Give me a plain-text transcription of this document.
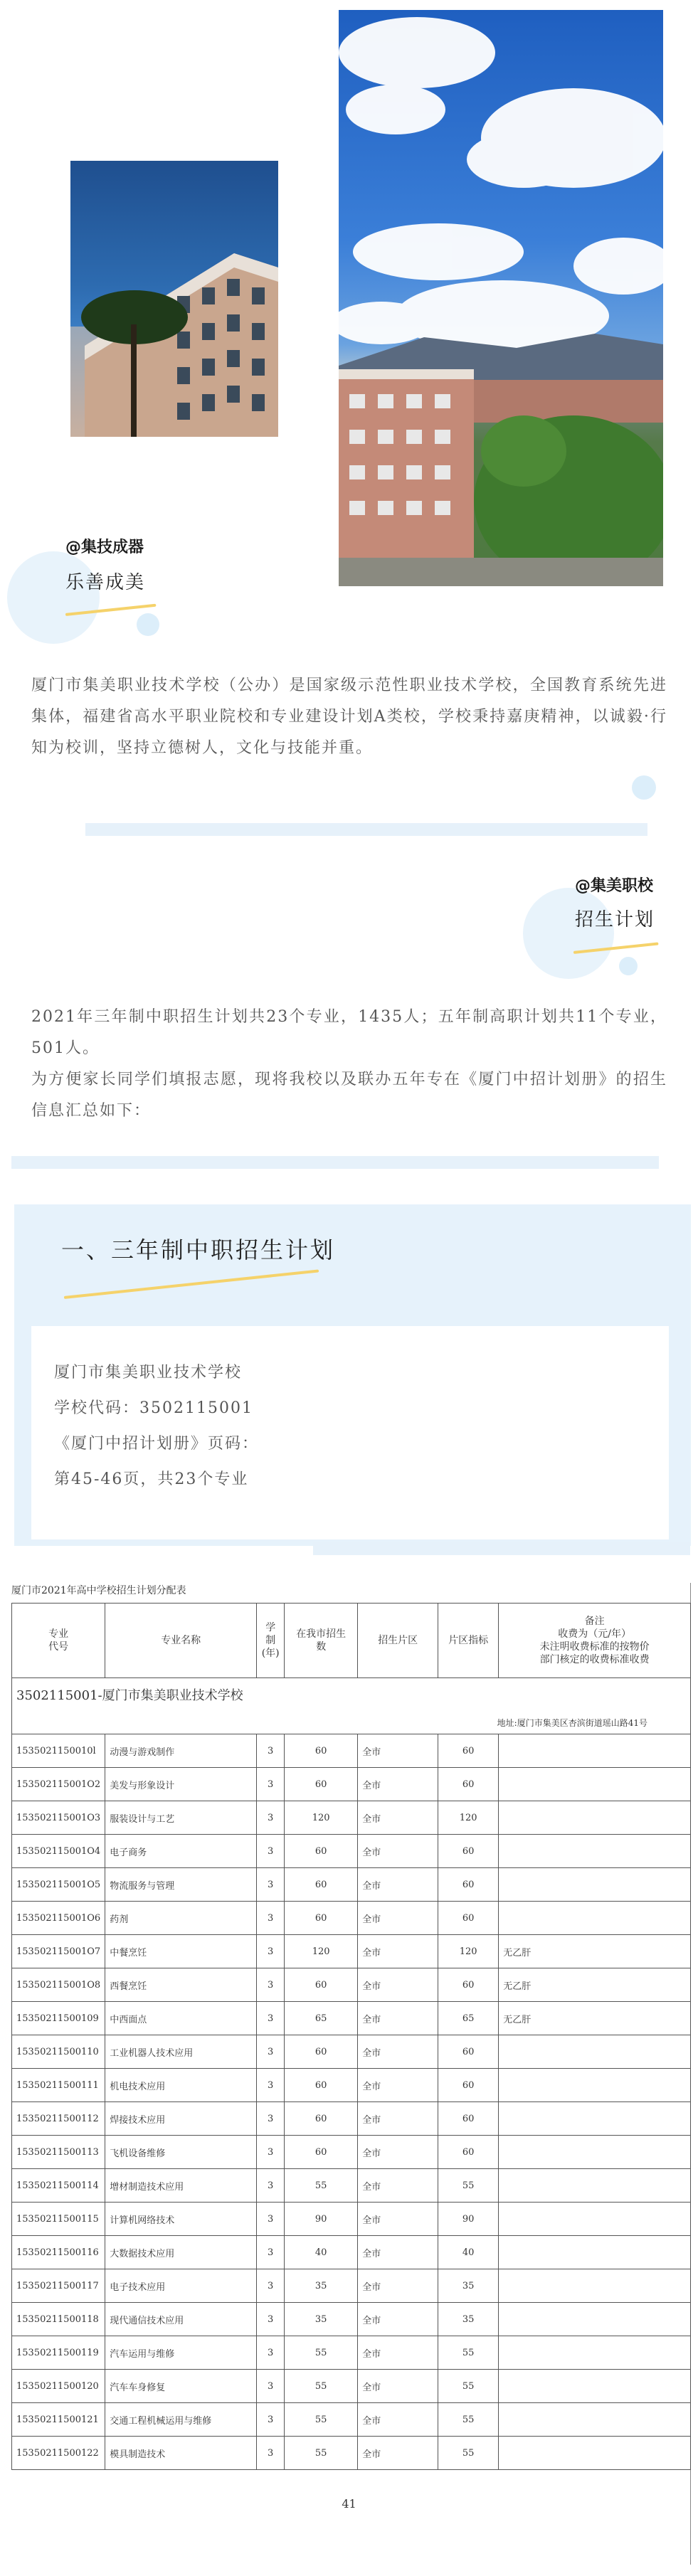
@集技成器
乐善成美
厦门市集美职业技术学校（公办）是国家级示范性职业技术学校，全国教育系统先进集体，福建省高水平职业院校和专业建设计划A类校，学校秉持嘉庚精神，以诚毅·行知为校训，坚持立德树人，文化与技能并重。
@集美职校
招生计划
2021年三年制中职招生计划共23个专业，1435人；五年制高职计划共11个专业，501人。
为方便家长同学们填报志愿，现将我校以及联办五年专在《厦门中招计划册》的招生信息汇总如下：
一、三年制中职招生计划
厦门市集美职业技术学校
学校代码：3502115001
《厦门中招计划册》页码：
第45-46页，共23个专业
厦门市2021年高中学校招生计划分配表
专业
代号	专业名称	学
制
(年)	在我市招生
数	招生片区	片区指标	备注
收费为（元/年）
未注明收费标准的按物价
部门核定的收费标准收费
3502115001-厦门市集美职业技术学校						
地址:厦门市集美区杏滨街道瑶山路41号						
1535021150010l	动漫与游戏制作	3	60	全市	60	
153502115001O2	美发与形象设计	3	60	全市	60	
153502115001O3	服装设计与工艺	3	120	全市	120	
153502115001O4	电子商务	3	60	全市	60	
153502115001O5	物流服务与管理	3	60	全市	60	
153502115001O6	药剂	3	60	全市	60	
153502115001O7	中餐烹饪	3	120	全市	120	无乙肝
153502115001O8	西餐烹饪	3	60	全市	60	无乙肝
15350211500109	中西面点	3	65	全市	65	无乙肝
15350211500110	工业机器人技术应用	3	60	全市	60	
15350211500111	机电技术应用	3	60	全市	60	
15350211500112	焊接技术应用	3	60	全市	60	
15350211500113	飞机设备维修	3	60	全市	60	
15350211500114	增材制造技术应用	3	55	全市	55	
15350211500115	计算机网络技术	3	90	全市	90	
15350211500116	大数据技术应用	3	40	全市	40	
15350211500117	电子技术应用	3	35	全市	35	
15350211500118	现代通信技术应用	3	35	全市	35	
15350211500119	汽车运用与维修	3	55	全市	55	
15350211500120	汽车车身修复	3	55	全市	55	
15350211500121	交通工程机械运用与维修	3	55	全市	55	
15350211500122	模具制造技术	3	55	全市	55	
41
